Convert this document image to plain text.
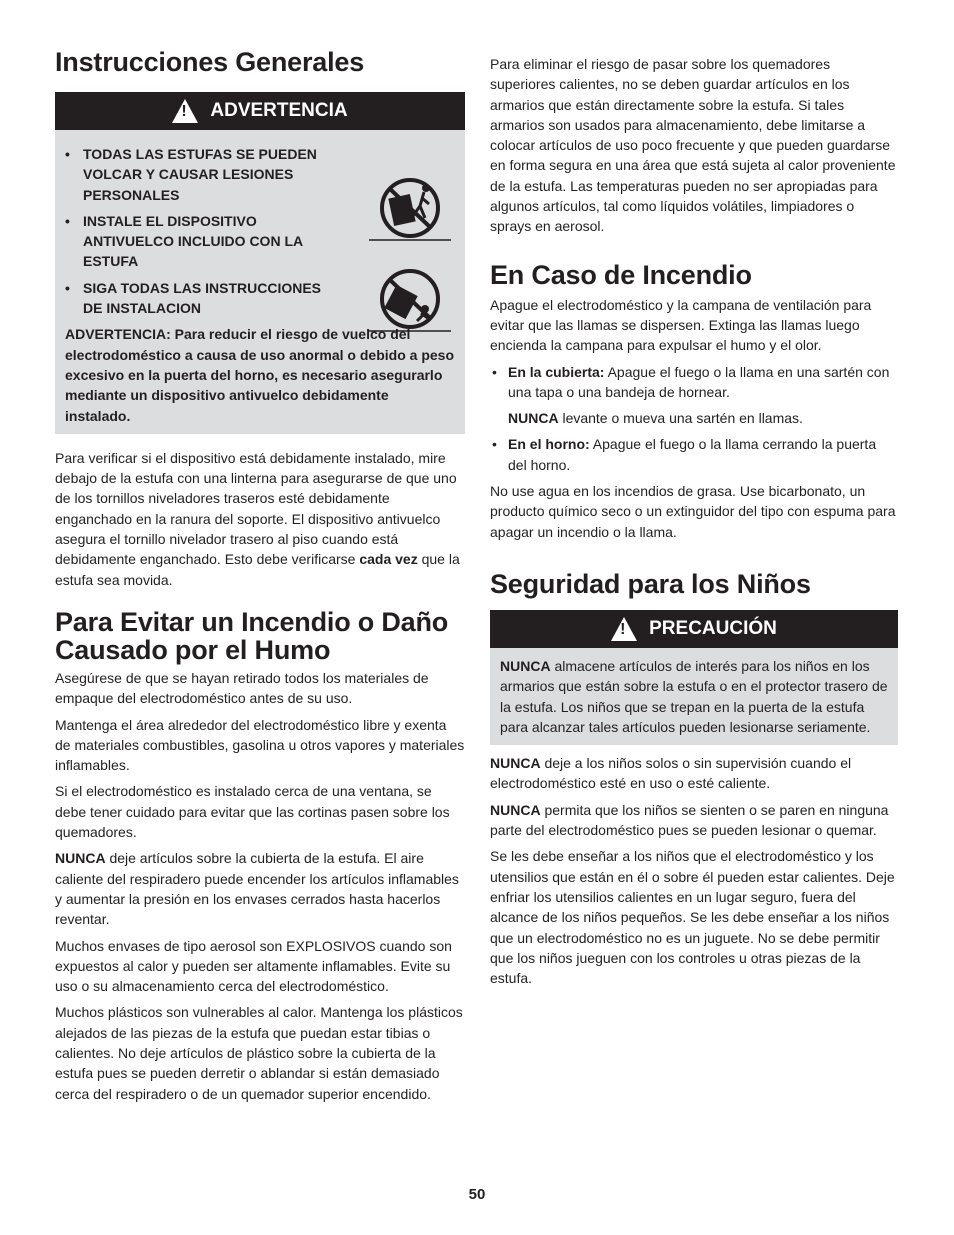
Instrucciones Generales
! ADVERTENCIA
• TODAS LAS ESTUFAS SE PUEDEN VOLCAR Y CAUSAR LESIONES PERSONALES
• INSTALE EL DISPOSITIVO ANTIVUELCO INCLUIDO CON LA ESTUFA
• SIGA TODAS LAS INSTRUCCIONES DE INSTALACION

ADVERTENCIA: Para reducir el riesgo de vuelco del electrodoméstico a causa de uso anormal o debido a peso excesivo en la puerta del horno, es necesario asegurarlo mediante un dispositivo antivuelco debidamente instalado.

Para verificar si el dispositivo está debidamente instalado, mire debajo de la estufa con una linterna para asegurarse de que uno de los tornillos niveladores traseros esté debidamente enganchado en la ranura del soporte. El dispositivo antivuelco asegura el tornillo nivelador trasero al piso cuando está debidamente enganchado. Esto debe verificarse cada vez que la estufa sea movida.

Para Evitar un Incendio o Daño Causado por el Humo

Asegúrese de que se hayan retirado todos los materiales de empaque del electrodoméstico antes de su uso.

Mantenga el área alrededor del electrodoméstico libre y exenta de materiales combustibles, gasolina u otros vapores y materiales inflamables.

Si el electrodoméstico es instalado cerca de una ventana, se debe tener cuidado para evitar que las cortinas pasen sobre los quemadores.

NUNCA deje artículos sobre la cubierta de la estufa. El aire caliente del respiradero puede encender los artículos inflamables y aumentar la presión en los envases cerrados hasta hacerlos reventar.

Muchos envases de tipo aerosol son EXPLOSIVOS cuando son expuestos al calor y pueden ser altamente inflamables. Evite su uso o su almacenamiento cerca del electrodoméstico.

Muchos plásticos son vulnerables al calor. Mantenga los plásticos alejados de las piezas de la estufa que puedan estar tibias o calientes. No deje artículos de plástico sobre la cubierta de la estufa pues se pueden derretir o ablandar si están demasiado cerca del respiradero o de un quemador superior encendido.

Para eliminar el riesgo de pasar sobre los quemadores superiores calientes, no se deben guardar artículos en los armarios que están directamente sobre la estufa. Si tales armarios son usados para almacenamiento, debe limitarse a colocar artículos de uso poco frecuente y que pueden guardarse en forma segura en una área que está sujeta al calor proveniente de la estufa. Las temperaturas pueden no ser apropiadas para algunos artículos, tal como líquidos volátiles, limpiadores o sprays en aerosol.

En Caso de Incendio

Apague el electrodoméstico y la campana de ventilación para evitar que las llamas se dispersen. Extinga las llamas luego encienda la campana para expulsar el humo y el olor.

• En la cubierta: Apague el fuego o la llama en una sartén con una tapa o una bandeja de hornear.

NUNCA levante o mueva una sartén en llamas.

• En el horno: Apague el fuego o la llama cerrando la puerta del horno.

No use agua en los incendios de grasa. Use bicarbonato, un producto químico seco o un extinguidor del tipo con espuma para apagar un incendio o la llama.

Seguridad para los Niños
! PRECAUCIÓN

NUNCA almacene artículos de interés para los niños en los armarios que están sobre la estufa o en el protector trasero de la estufa. Los niños que se trepan en la puerta de la estufa para alcanzar tales artículos pueden lesionarse seriamente.

NUNCA deje a los niños solos o sin supervisión cuando el electrodoméstico esté en uso o esté caliente.

NUNCA permita que los niños se sienten o se paren en ninguna parte del electrodoméstico pues se pueden lesionar o quemar.

Se les debe enseñar a los niños que el electrodoméstico y los utensilios que están en él o sobre él pueden estar calientes. Deje enfriar los utensilios calientes en un lugar seguro, fuera del alcance de los niños pequeños. Se les debe enseñar a los niños que un electrodoméstico no es un juguete. No se debe permitir que los niños jueguen con los controles u otras piezas de la estufa.

50
